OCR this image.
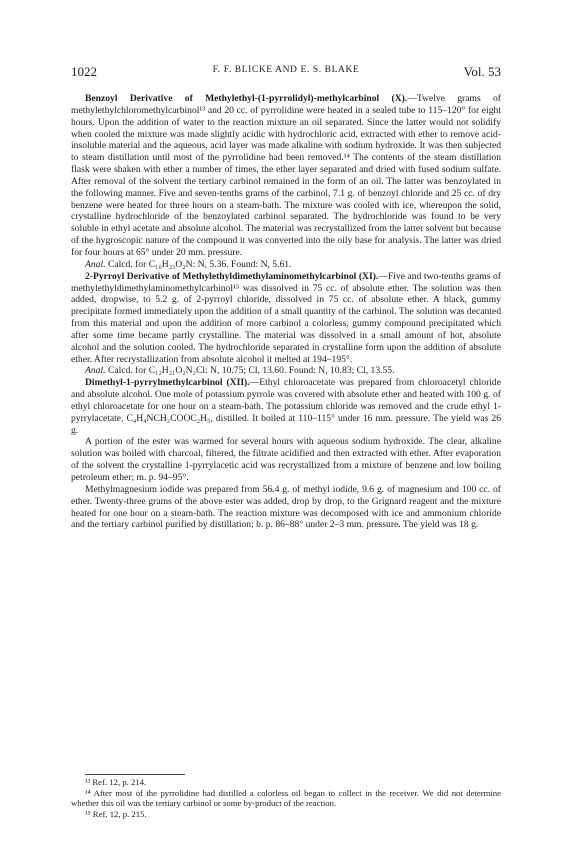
1022	F. F. BLICKE AND E. S. BLAKE	Vol. 53

Benzoyl Derivative of Methylethyl-(1-pyrrolidyl)-methylcarbinol (X).—Twelve grams of methylethylchloromethylcarbinol¹³ and 20 cc. of pyrrolidine were heated in a sealed tube to 115–120° for eight hours. Upon the addition of water to the reaction mixture an oil separated. Since the latter would not solidify when cooled the mixture was made slightly acidic with hydrochloric acid, extracted with ether to remove acid-insoluble material and the aqueous, acid layer was made alkaline with sodium hydroxide. It was then subjected to steam distillation until most of the pyrrolidine had been removed.¹⁴ The contents of the steam distillation flask were shaken with ether a number of times, the ether layer separated and dried with fused sodium sulfate. After removal of the solvent the tertiary carbinol remained in the form of an oil. The latter was benzoylated in the following manner. Five and seven-tenths grams of the carbinol, 7.1 g. of benzoyl chloride and 25 cc. of dry benzene were heated for three hours on a steam-bath. The mixture was cooled with ice, whereupon the solid, crystalline hydrochloride of the benzoylated carbinol separated. The hydrochloride was found to be very soluble in ethyl acetate and absolute alcohol. The material was recrystallized from the latter solvent but because of the hygroscopic nature of the compound it was converted into the oily base for analysis. The latter was dried for four hours at 65° under 20 mm. pressure.

Anal. Calcd. for C₁₆H₂₃O₂N: N, 5.36. Found: N, 5.61.

2-Pyrroyl Derivative of Methylethyldimethylaminomethylcarbinol (XI).—Five and two-tenths grams of methylethyldimethylaminomethylcarbinol¹⁵ was dissolved in 75 cc. of absolute ether. The solution was then added, dropwise, to 5.2 g. of 2-pyrroyl chloride, dissolved in 75 cc. of absolute ether. A black, gummy precipitate formed immediately upon the addition of a small quantity of the carbinol. The solution was decanted from this material and upon the addition of more carbinol a colorless, gummy compound precipitated which after some time became partly crystalline. The material was dissolved in a small amount of hot, absolute alcohol and the solution cooled. The hydrochloride separated in crystalline form upon the addition of absolute ether. After recrystallization from absolute alcohol it melted at 194–195°.

Anal. Calcd. for C₁₂H₂₁O₂N₂Cl: N, 10.75; Cl, 13.60. Found: N, 10.83; Cl, 13.55.

Dimethyl-1-pyrrylmethylcarbinol (XII).—Ethyl chloroacetate was prepared from chloroacetyl chloride and absolute alcohol. One mole of potassium pyrrole was covered with absolute ether and heated with 100 g. of ethyl chloroacetate for one hour on a steam-bath. The potassium chloride was removed and the crude ethyl 1-pyrrylacetate, C₄H₄NCH₂COOC₂H₅, distilled. It boiled at 110–115° under 16 mm. pressure. The yield was 26 g.

A portion of the ester was warmed for several hours with aqueous sodium hydroxide. The clear, alkaline solution was boiled with charcoal, filtered, the filtrate acidified and then extracted with ether. After evaporation of the solvent the crystalline 1-pyrrylacetic acid was recrystallized from a mixture of benzene and low boiling petroleum ether; m. p. 94–95°.

Methylmagnesium iodide was prepared from 56.4 g. of methyl iodide, 9.6 g. of magnesium and 100 cc. of ether. Twenty-three grams of the above ester was added, drop by drop, to the Grignard reagent and the mixture heated for one hour on a steam-bath. The reaction mixture was decomposed with ice and ammonium chloride and the tertiary carbinol purified by distillation; b. p. 86–88° under 2–3 mm. pressure. The yield was 18 g.

¹³ Ref. 12, p. 214.

¹⁴ After most of the pyrrolidine had distilled a colorless oil began to collect in the receiver. We did not determine whether this oil was the tertiary carbinol or some by-product of the reaction.

¹⁵ Ref. 12, p. 215.
